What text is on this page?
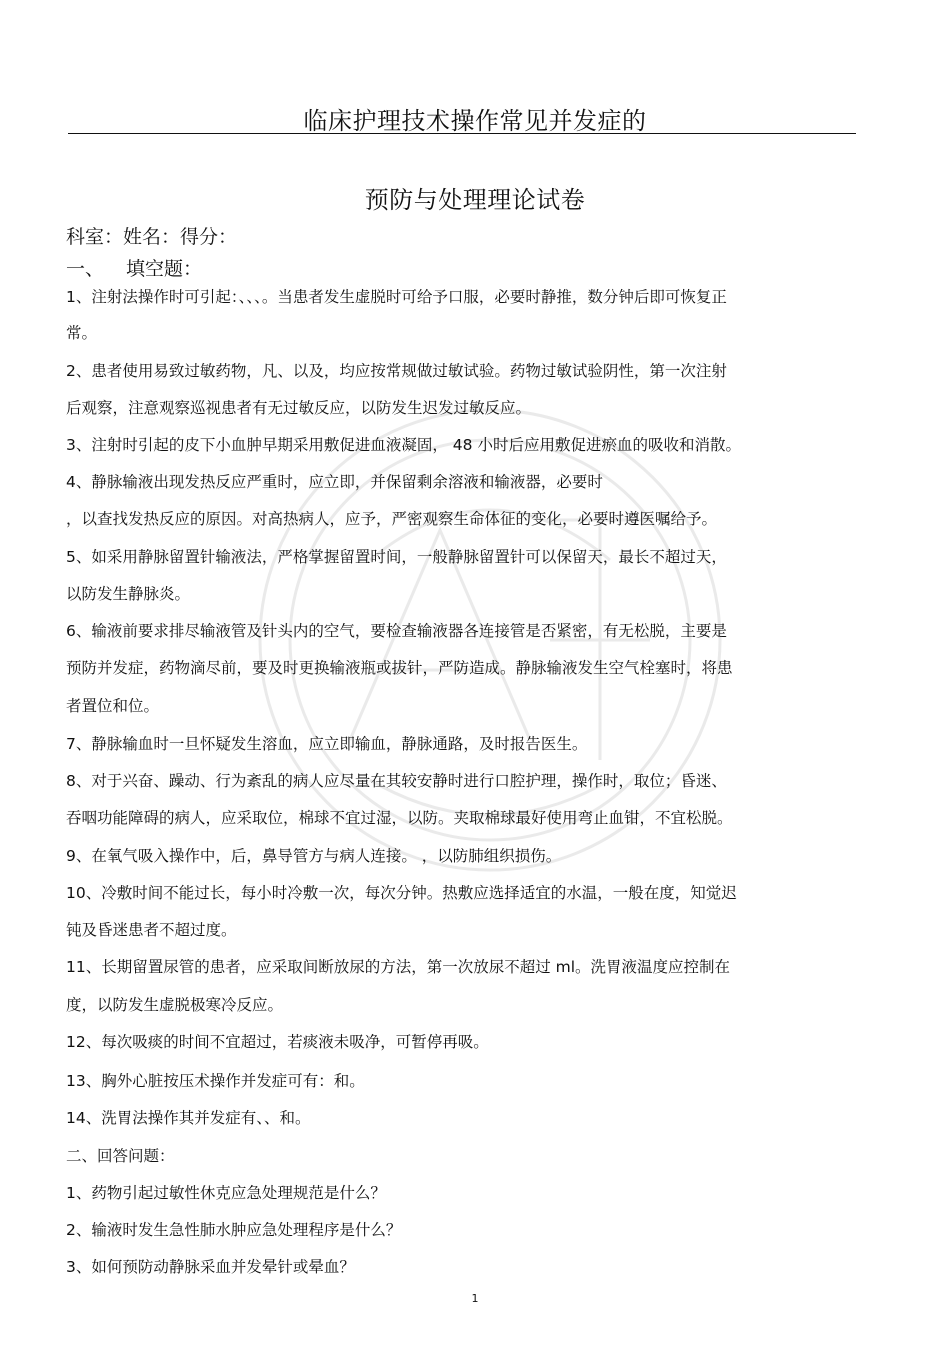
临床护理技术操作常见并发症的
预防与处理理论试卷
科室：姓名：得分：
一、 填空题：
1、注射法操作时可引起：、、、。当患者发生虚脱时可给予口服，必要时静推，数分钟后即可恢复正
常。
2、患者使用易致过敏药物，凡、以及，均应按常规做过敏试验。药物过敏试验阴性，第一次注射
后观察，注意观察巡视患者有无过敏反应，以防发生迟发过敏反应。
3、注射时引起的皮下小血肿早期采用敷促进血液凝固， 48 小时后应用敷促进瘀血的吸收和消散。
4、静脉输液出现发热反应严重时，应立即，并保留剩余溶液和输液器，必要时
，以查找发热反应的原因。对高热病人，应予，严密观察生命体征的变化，必要时遵医嘱给予。
5、如采用静脉留置针输液法，严格掌握留置时间，一般静脉留置针可以保留天，最长不超过天，
以防发生静脉炎。
6、输液前要求排尽输液管及针头内的空气，要检查输液器各连接管是否紧密，有无松脱，主要是
预防并发症，药物滴尽前，要及时更换输液瓶或拔针，严防造成。静脉输液发生空气栓塞时，将患
者置位和位。
7、静脉输血时一旦怀疑发生溶血，应立即输血，静脉通路，及时报告医生。
8、对于兴奋、躁动、行为紊乱的病人应尽量在其较安静时进行口腔护理，操作时，取位；昏迷、
吞咽功能障碍的病人，应采取位，棉球不宜过湿，以防。夹取棉球最好使用弯止血钳，不宜松脱。
9、在氧气吸入操作中，后，鼻导管方与病人连接。 ，以防肺组织损伤。
10、冷敷时间不能过长，每小时冷敷一次，每次分钟。热敷应选择适宜的水温，一般在度，知觉迟
钝及昏迷患者不超过度。
11、长期留置尿管的患者，应采取间断放尿的方法，第一次放尿不超过 ml。洗胃液温度应控制在
度，以防发生虚脱极寒冷反应。
12、每次吸痰的时间不宜超过，若痰液未吸净，可暂停再吸。
13、胸外心脏按压术操作并发症可有：和。
14、洗胃法操作其并发症有、、和。
二、回答问题：
1、药物引起过敏性休克应急处理规范是什么？
2、输液时发生急性肺水肿应急处理程序是什么？
3、如何预防动静脉采血并发晕针或晕血？
1
